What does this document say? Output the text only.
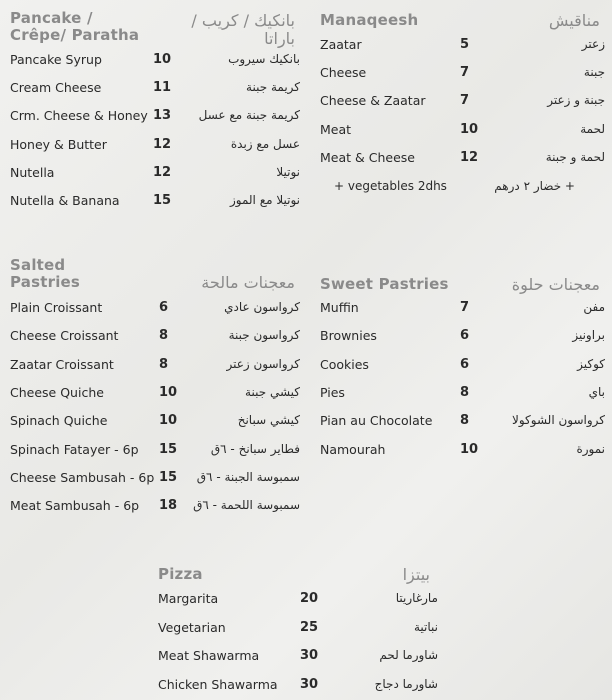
Pancake /
Crêpe/ Paratha
بانكيك / كريب / باراتا
Pancake Syrup	10	بانكيك سيروب
Cream Cheese	11	كريمة جبنة
Crm. Cheese & Honey 13 كريمة جبنة مع عسل
Honey & Butter	12	عسل مع زبدة
Nutella	12	نوتيلا
Nutella & Banana	15	نوتيلا مع الموز
Manaqeesh	مناقيش
Zaatar	5	زعتر
Cheese	7	جبنة
Cheese & Zaatar	7	جبنة و زعتر
Meat	10	لحمة
Meat & Cheese	12	لحمة و جبنة
+ vegetables 2dhs	+ خضار ٢ درهم
Salted
Pastries	معجنات مالحة
Plain Croissant	6	كرواسون عادي
Cheese Croissant	8	كرواسون جبنة
Zaatar Croissant	8	كرواسون زعتر
Cheese Quiche	10	كيشي جبنة
Spinach Quiche	10	كيشي سبانخ
Spinach Fatayer - 6p 15	فطاير سبانخ - ٦ق
Cheese Sambusah - 6p 15 سمبوسة الجبنة - ٦ق
Meat Sambusah - 6p 18 سمبوسة اللحمة - ٦ق
Sweet Pastries	معجنات حلوة
Muffin	7	مفن
Brownies	6	براونيز
Cookies	6	كوكيز
Pies	8	باي
Pian au Chocolate 8	كرواسون الشوكولا
Namourah	10	نمورة
Pizza	بيتزا
Margarita	20	مارغاريتا
Vegetarian	25	نباتية
Meat Shawarma	30	شاورما لحم
Chicken Shawarma 30	شاورما دجاج
